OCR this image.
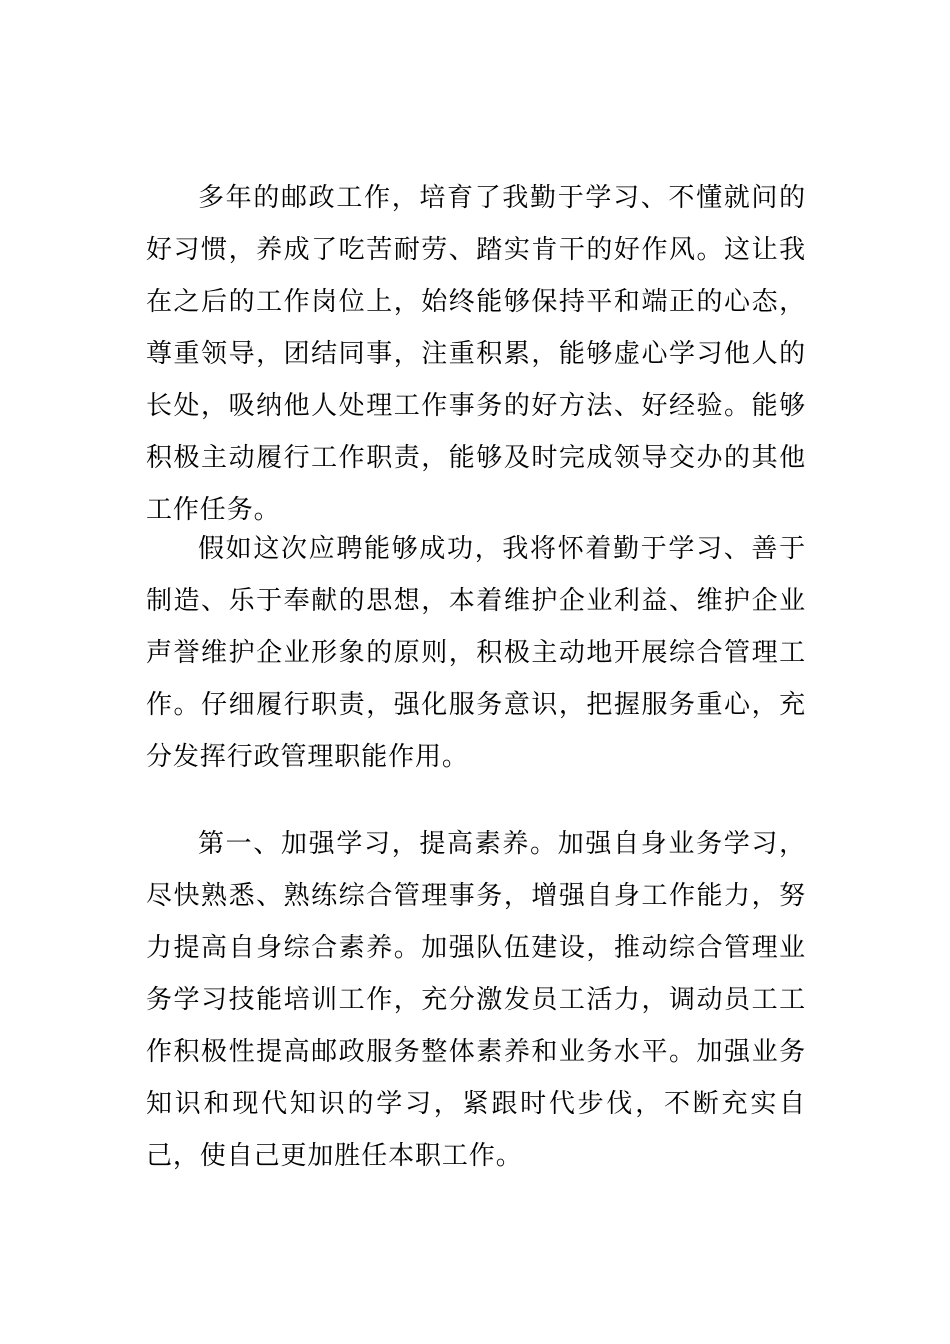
多年的邮政工作，培育了我勤于学习、不懂就问的好习惯，养成了吃苦耐劳、踏实肯干的好作风。这让我在之后的工作岗位上，始终能够保持平和端正的心态，尊重领导，团结同事，注重积累，能够虚心学习他人的长处，吸纳他人处理工作事务的好方法、好经验。能够积极主动履行工作职责，能够及时完成领导交办的其他工作任务。

假如这次应聘能够成功，我将怀着勤于学习、善于制造、乐于奉献的思想，本着维护企业利益、维护企业声誉维护企业形象的原则，积极主动地开展综合管理工作。仔细履行职责，强化服务意识，把握服务重心，充分发挥行政管理职能作用。

第一、加强学习，提高素养。加强自身业务学习，尽快熟悉、熟练综合管理事务，增强自身工作能力，努力提高自身综合素养。加强队伍建设，推动综合管理业务学习技能培训工作，充分激发员工活力，调动员工工作积极性提高邮政服务整体素养和业务水平。加强业务知识和现代知识的学习，紧跟时代步伐，不断充实自己，使自己更加胜任本职工作。
